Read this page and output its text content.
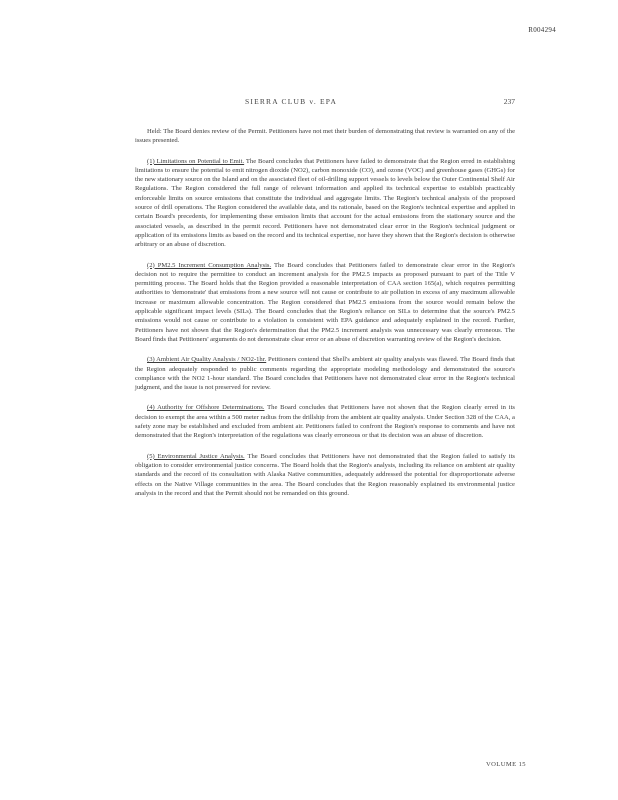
R004294
SIERRA CLUB v. EPA	237

Held: The Board denies review of the Permit. Petitioners have not met their burden of demonstrating that review is warranted on any of the issues presented.

(1) Limitations on Potential to Emit. The Board concludes that Petitioners have failed to demonstrate that the Region erred in establishing limitations to ensure the potential to emit nitrogen dioxide (NO2), carbon monoxide (CO), and ozone (VOC) and greenhouse gases (GHGs) for the new stationary source on the Island and on the associated fleet of oil-drilling support vessels to levels below the Outer Continental Shelf Air Regulations. The Region considered the full range of relevant information and applied its technical expertise to establish practicably enforceable limits on source emissions that constitute the individual and aggregate limits. The Region's technical analysis of the proposed source of drill operations. The Region considered the available data, and its rationale, based on the Region's technical expertise and applied in certain Board's precedents, for implementing these emission limits that account for the actual emissions from the stationary source and the associated vessels, as described in the permit record. Petitioners have not demonstrated clear error in the Region's technical judgment or application of its emissions limits as based on the record and its technical expertise, nor have they shown that the Region's decision is otherwise arbitrary or an abuse of discretion.

(2) PM2.5 Increment Consumption Analysis. The Board concludes that Petitioners failed to demonstrate clear error in the Region's decision not to require the permittee to conduct an increment analysis for the PM2.5 impacts as proposed pursuant to part of the Title V permitting process. The Board holds that the Region provided a reasonable interpretation of CAA section 165(a), which requires permitting authorities to 'demonstrate' that emissions from a new source will not cause or contribute to air pollution in excess of any maximum allowable increase or maximum allowable concentration. The Region considered that PM2.5 emissions from the source would remain below the applicable significant impact levels (SILs). The Board concludes that the Region's reliance on SILs to determine that the source's PM2.5 emissions would not cause or contribute to a violation is consistent with EPA guidance and adequately explained in the record. Further, Petitioners have not shown that the Region's determination that the PM2.5 increment analysis was unnecessary was clearly erroneous. The Board finds that Petitioners' arguments do not demonstrate clear error or an abuse of discretion warranting review of the Region's decision.

(3) Ambient Air Quality Analysis / NO2-1hr. Petitioners contend that Shell's ambient air quality analysis was flawed. The Board finds that the Region adequately responded to public comments regarding the appropriate modeling methodology and demonstrated the source's compliance with the NO2 1-hour standard. The Board concludes that Petitioners have not demonstrated clear error in the Region's technical judgment, and the issue is not preserved for review.

(4) Authority for Offshore Determinations. The Board concludes that Petitioners have not shown that the Region clearly erred in its decision to exempt the area within a 500 meter radius from the drillship from the ambient air quality analysis. Under Section 328 of the CAA, a safety zone may be established and excluded from ambient air. Petitioners failed to confront the Region's response to comments and have not demonstrated that the Region's interpretation of the regulations was clearly erroneous or that its decision was an abuse of discretion.

(5) Environmental Justice Analysis. The Board concludes that Petitioners have not demonstrated that the Region failed to satisfy its obligation to consider environmental justice concerns. The Board holds that the Region's analysis, including its reliance on ambient air quality standards and the record of its consultation with Alaska Native communities, adequately addressed the potential for disproportionate adverse effects on the Native Village communities in the area. The Board concludes that the Region reasonably explained its environmental justice analysis in the record and that the Permit should not be remanded on this ground.

VOLUME 15
